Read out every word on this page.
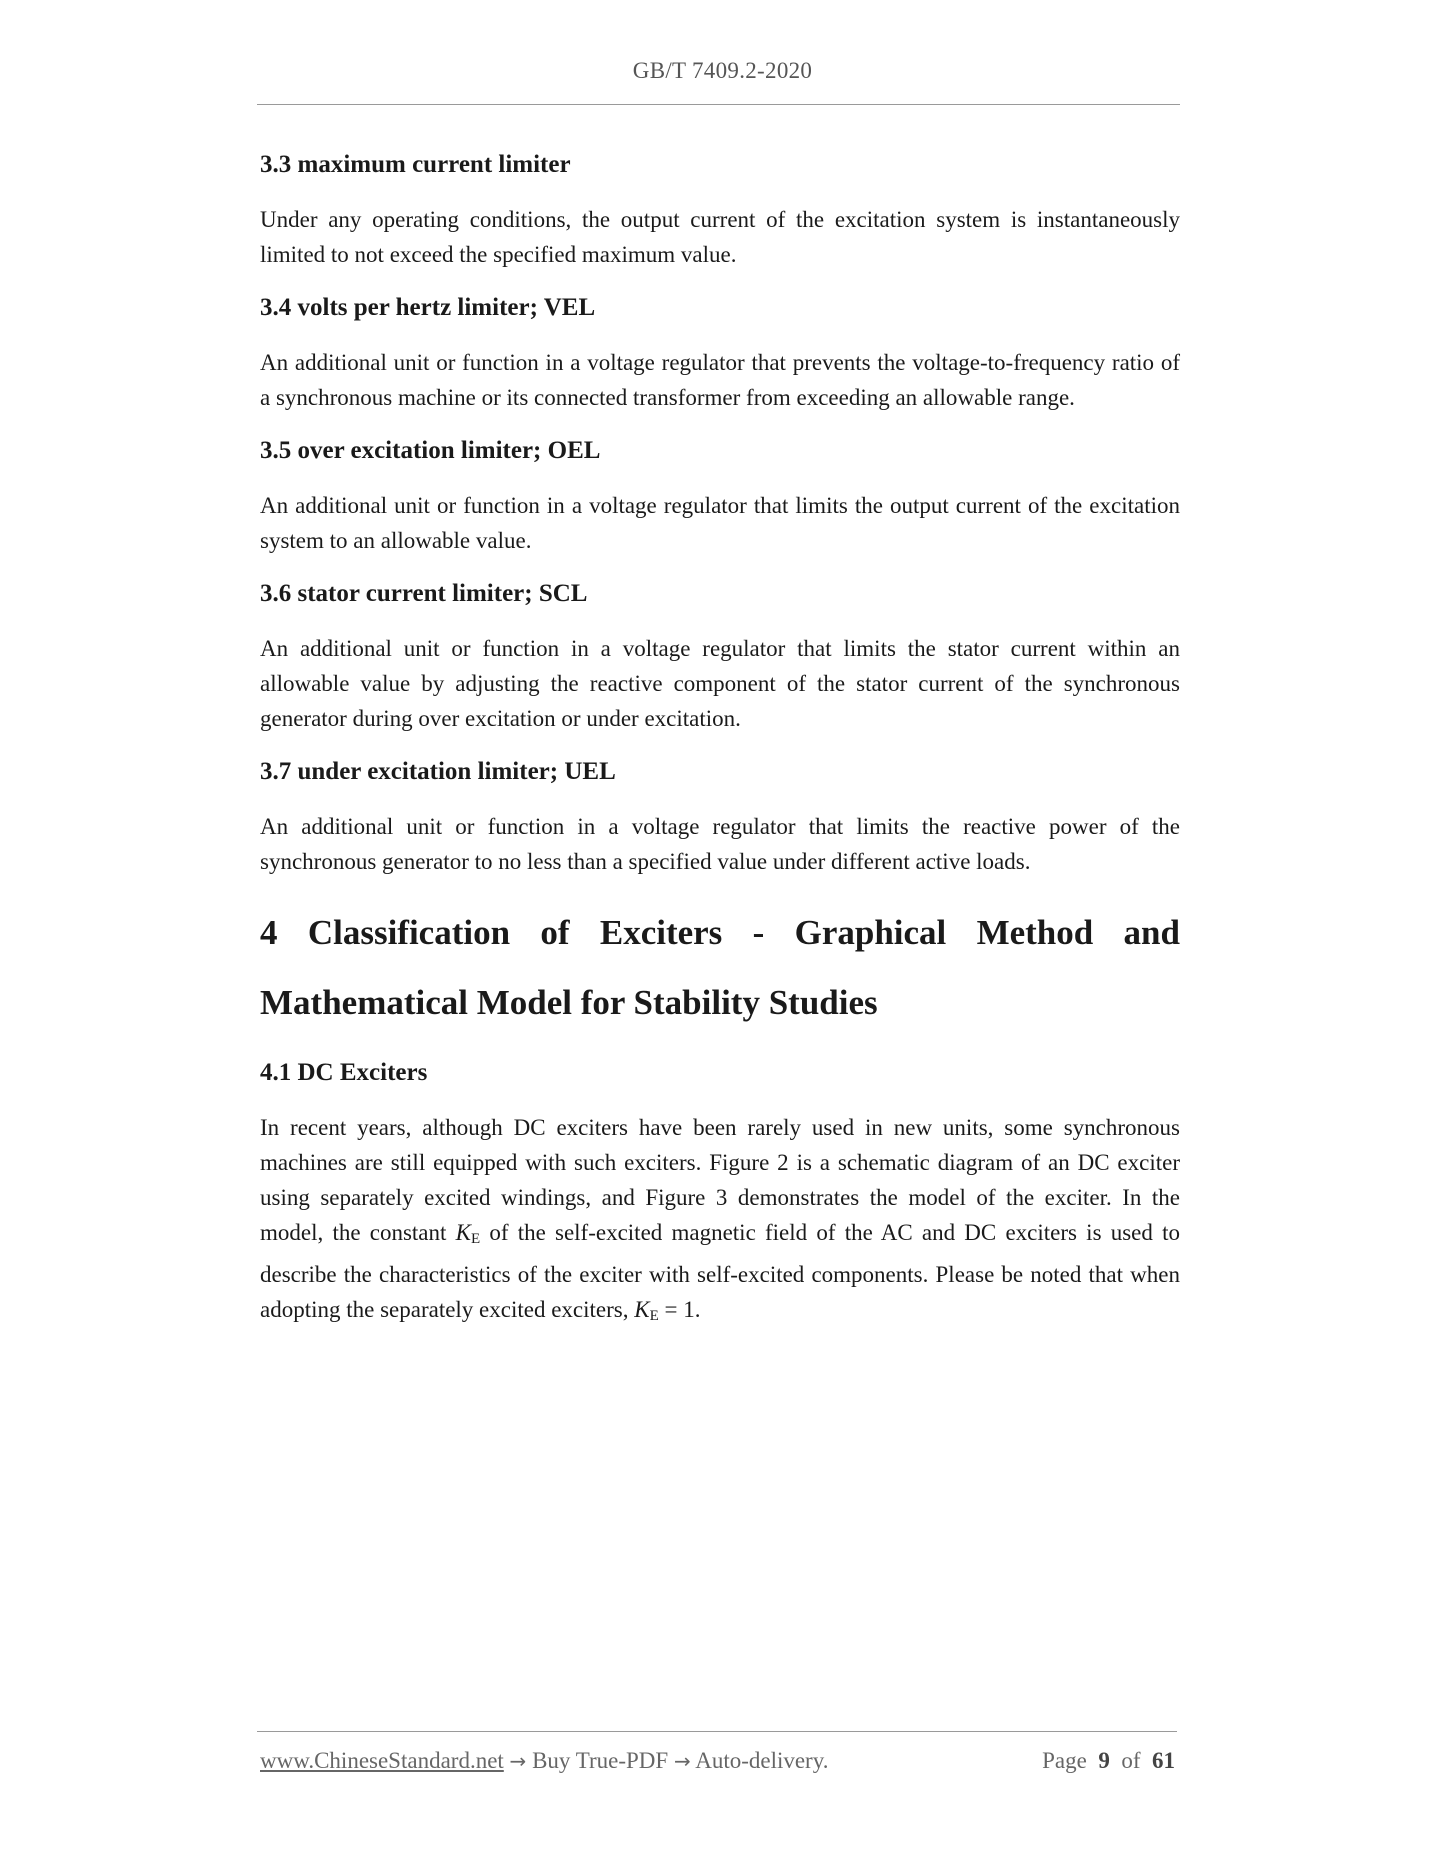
GB/T 7409.2-2020
3.3 maximum current limiter

Under any operating conditions, the output current of the excitation system is instantaneously limited to not exceed the specified maximum value.

3.4 volts per hertz limiter; VEL

An additional unit or function in a voltage regulator that prevents the voltage-to-frequency ratio of a synchronous machine or its connected transformer from exceeding an allowable range.

3.5 over excitation limiter; OEL

An additional unit or function in a voltage regulator that limits the output current of the excitation system to an allowable value.

3.6 stator current limiter; SCL

An additional unit or function in a voltage regulator that limits the stator current within an allowable value by adjusting the reactive component of the stator current of the synchronous generator during over excitation or under excitation.

3.7 under excitation limiter; UEL

An additional unit or function in a voltage regulator that limits the reactive power of the synchronous generator to no less than a specified value under different active loads.

4 Classification of Exciters - Graphical Method and Mathematical Model for Stability Studies
4.1 DC Exciters

In recent years, although DC exciters have been rarely used in new units, some synchronous machines are still equipped with such exciters. Figure 2 is a schematic diagram of an DC exciter using separately excited windings, and Figure 3 demonstrates the model of the exciter. In the model, the constant $K_E$ of the self-excited magnetic field of the AC and DC exciters is used to describe the characteristics of the exciter with self-excited components. Please be noted that when adopting the separately excited exciters, $K_E = 1$.

www.ChineseStandard.net → Buy True-PDF → Auto-delivery.	Page 9 of 61
